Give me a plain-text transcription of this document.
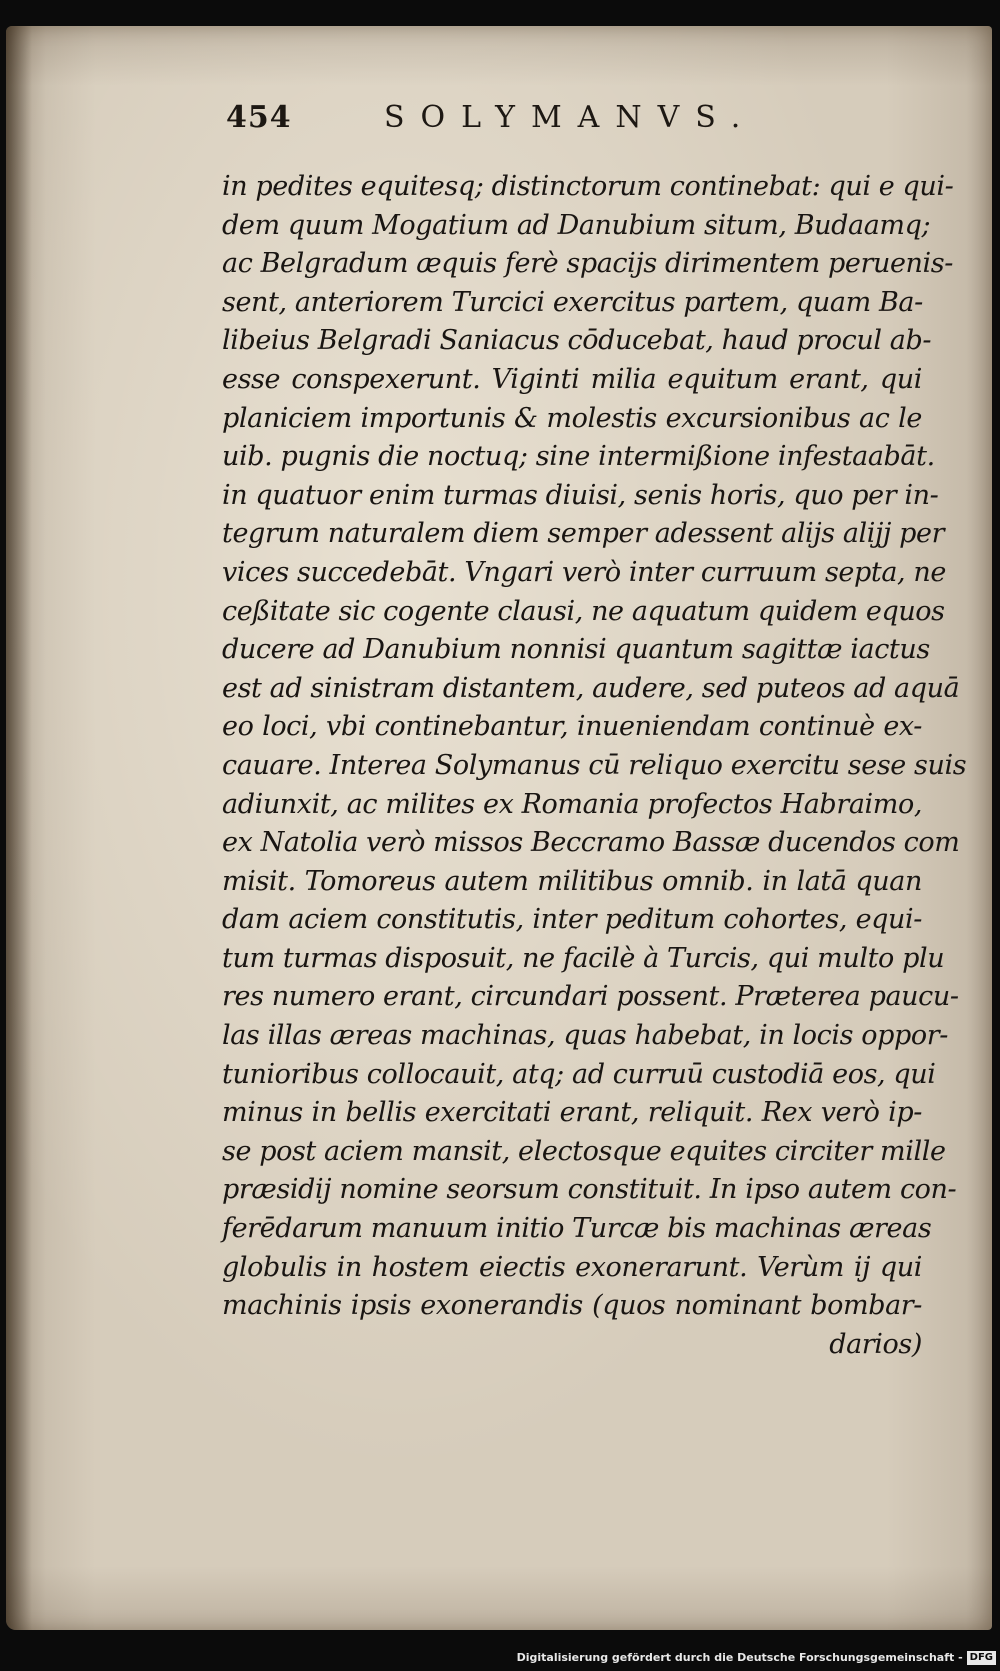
454	SOLYMANVS.
in pedites equitesq; distinctorum continebat: qui e qui-
dem quum Mogatium ad Danubium situm, Budaamq;
ac Belgradum æquis ferè spacijs dirimentem peruenis-
sent, anteriorem Turcici exercitus partem, quam Ba-
libeius Belgradi Saniacus cōducebat, haud procul ab-
esse conspexerunt. Viginti milia equitum erant, qui
planiciem importunis & molestis excursionibus ac le
uib. pugnis die noctuq; sine intermißione infestaabāt.
in quatuor enim turmas diuisi, senis horis, quo per in-
tegrum naturalem diem semper adessent alijs alijj per
vices succedebāt. Vngari verò inter curruum septa, ne
ceßitate sic cogente clausi, ne aquatum quidem equos
ducere ad Danubium nonnisi quantum sagittæ iactus
est ad sinistram distantem, audere, sed puteos ad aquā
eo loci, vbi continebantur, inueniendam continuè ex-
cauare. Interea Solymanus cū reliquo exercitu sese suis
adiunxit, ac milites ex Romania profectos Habraimo,
ex Natolia verò missos Beccramo Bassæ ducendos com
misit. Tomoreus autem militibus omnib. in latā quan
dam aciem constitutis, inter peditum cohortes, equi-
tum turmas disposuit, ne facilè à Turcis, qui multo plu
res numero erant, circundari possent. Præterea paucu-
las illas æreas machinas, quas habebat, in locis oppor-
tunioribus collocauit, atq; ad curruū custodiā eos, qui
minus in bellis exercitati erant, reliquit. Rex verò ip-
se post aciem mansit, electosque equites circiter mille
præsidij nomine seorsum constituit. In ipso autem con-
ferēdarum manuum initio Turcæ bis machinas æreas
globulis in hostem eiectis exonerarunt. Verùm ij qui
machinis ipsis exonerandis (quos nominant bombar-
darios)
Digitalisierung gefördert durch die Deutsche Forschungsgemeinschaft - DFG
